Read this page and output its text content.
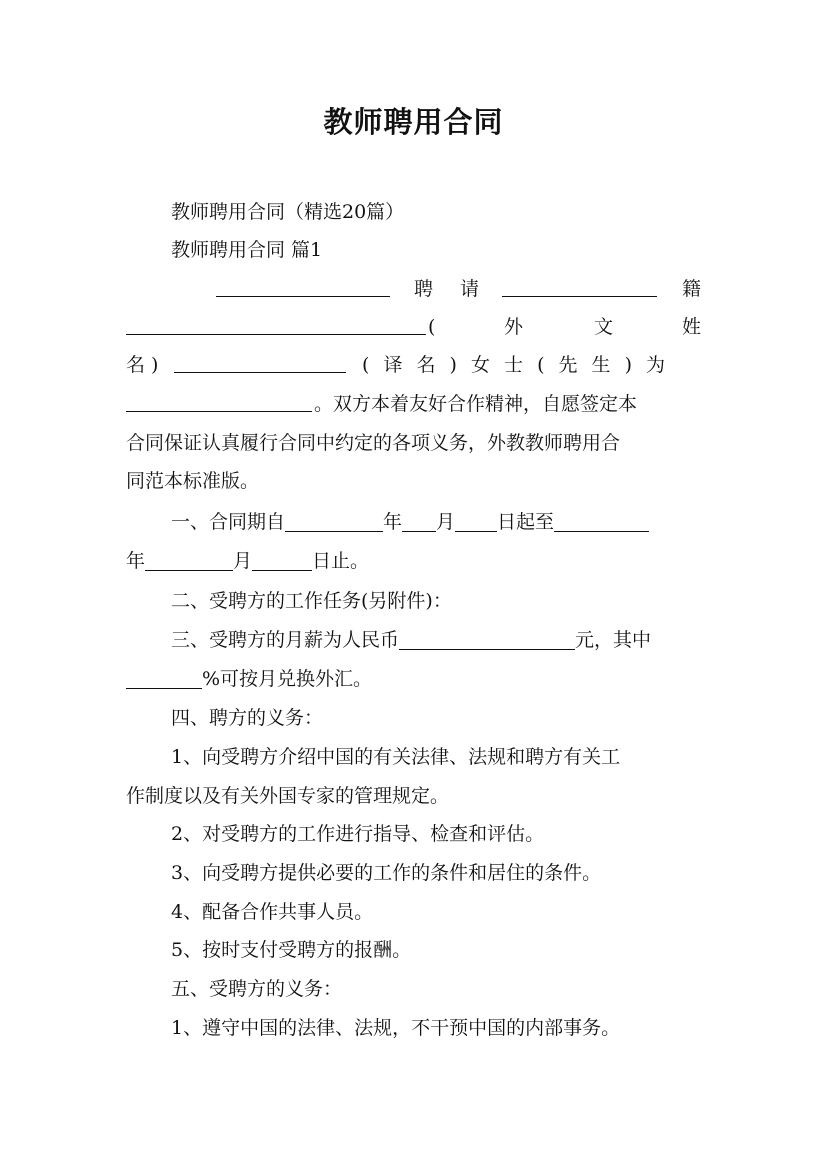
教师聘用合同
教师聘用合同（精选20篇）
教师聘用合同 篇1
聘 请	籍
(	外	文	姓
名 )	( 译 名 ) 女 士 ( 先 生 ) 为
。双方本着友好合作精神，自愿签定本
合同保证认真履行合同中约定的各项义务，外教教师聘用合
同范本标准版。
一、合同期自	年 月 日起至
年	月	日止。
二、受聘方的工作任务(另附件)：
三、受聘方的月薪为人民币	元，其中
%可按月兑换外汇。
四、聘方的义务：
1、向受聘方介绍中国的有关法律、法规和聘方有关工
作制度以及有关外国专家的管理规定。
2、对受聘方的工作进行指导、检查和评估。
3、向受聘方提供必要的工作的条件和居住的条件。
4、配备合作共事人员。
5、按时支付受聘方的报酬。
五、受聘方的义务：
1、遵守中国的法律、法规，不干预中国的内部事务。
